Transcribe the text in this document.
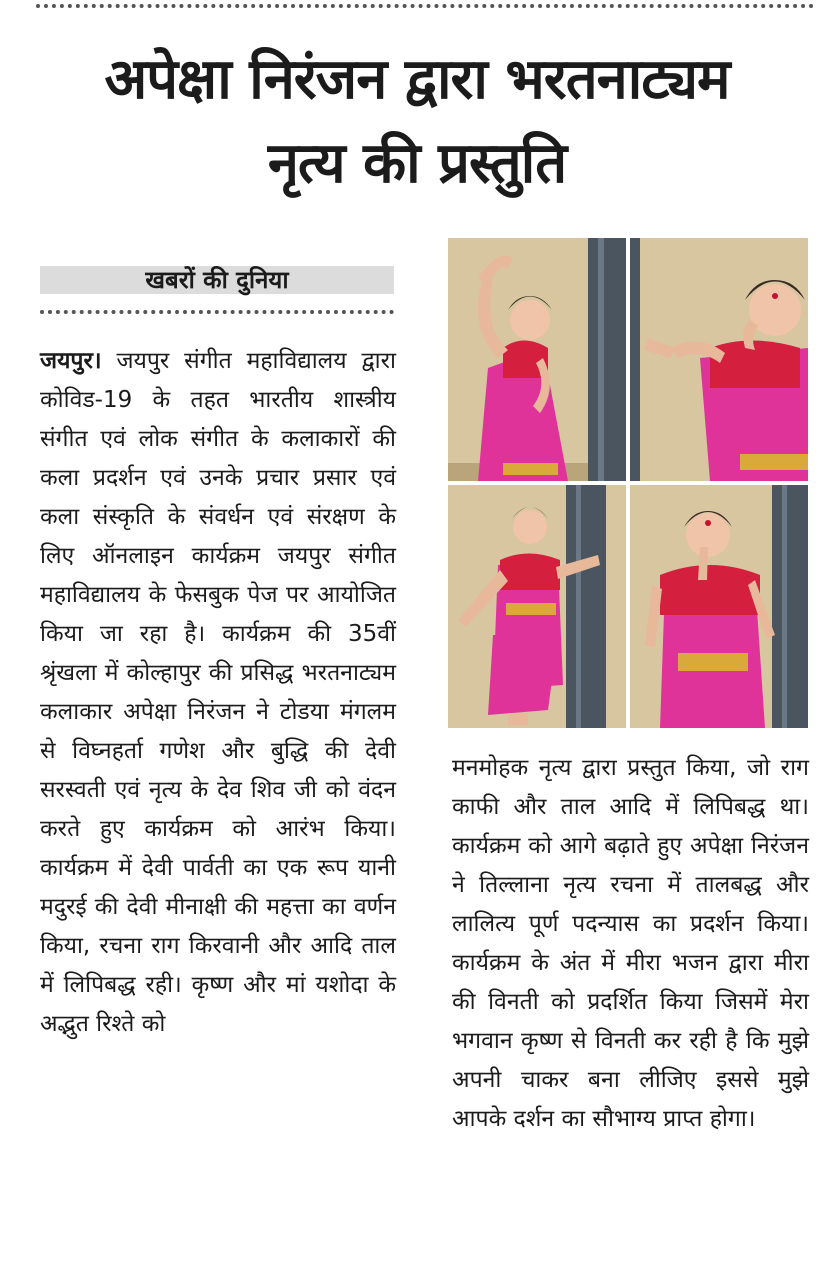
अपेक्षा निरंजन द्वारा भरतनाट्यम
नृत्य की प्रस्तुति
खबरों की दुनिया

जयपुर। जयपुर संगीत महाविद्यालय द्वारा कोविड-19 के तहत भारतीय शास्त्रीय संगीत एवं लोक संगीत के कलाकारों की कला प्रदर्शन एवं उनके प्रचार प्रसार एवं कला संस्कृति के संवर्धन एवं संरक्षण के लिए ऑनलाइन कार्यक्रम जयपुर संगीत महाविद्यालय के फेसबुक पेज पर आयोजित किया जा रहा है। कार्यक्रम की 35वीं श्रृंखला में कोल्हापुर की प्रसिद्ध भरतनाट्यम कलाकार अपेक्षा निरंजन ने टोडया मंगलम से विघ्नहर्ता गणेश और बुद्धि की देवी सरस्वती एवं नृत्य के देव शिव जी को वंदन करते हुए कार्यक्रम को आरंभ किया। कार्यक्रम में देवी पार्वती का एक रूप यानी मदुरई की देवी मीनाक्षी की महत्ता का वर्णन किया, रचना राग किरवानी और आदि ताल में लिपिबद्ध रही। कृष्ण और मां यशोदा के अद्भुत रिश्ते को

मनमोहक नृत्य द्वारा प्रस्तुत किया, जो राग काफी और ताल आदि में लिपिबद्ध था। कार्यक्रम को आगे बढ़ाते हुए अपेक्षा निरंजन ने तिल्लाना नृत्य रचना में तालबद्ध और लालित्य पूर्ण पदन्यास का प्रदर्शन किया। कार्यक्रम के अंत में मीरा भजन द्वारा मीरा की विनती को प्रदर्शित किया जिसमें मेरा भगवान कृष्ण से विनती कर रही है कि मुझे अपनी चाकर बना लीजिए इससे मुझे आपके दर्शन का सौभाग्य प्राप्त होगा।
